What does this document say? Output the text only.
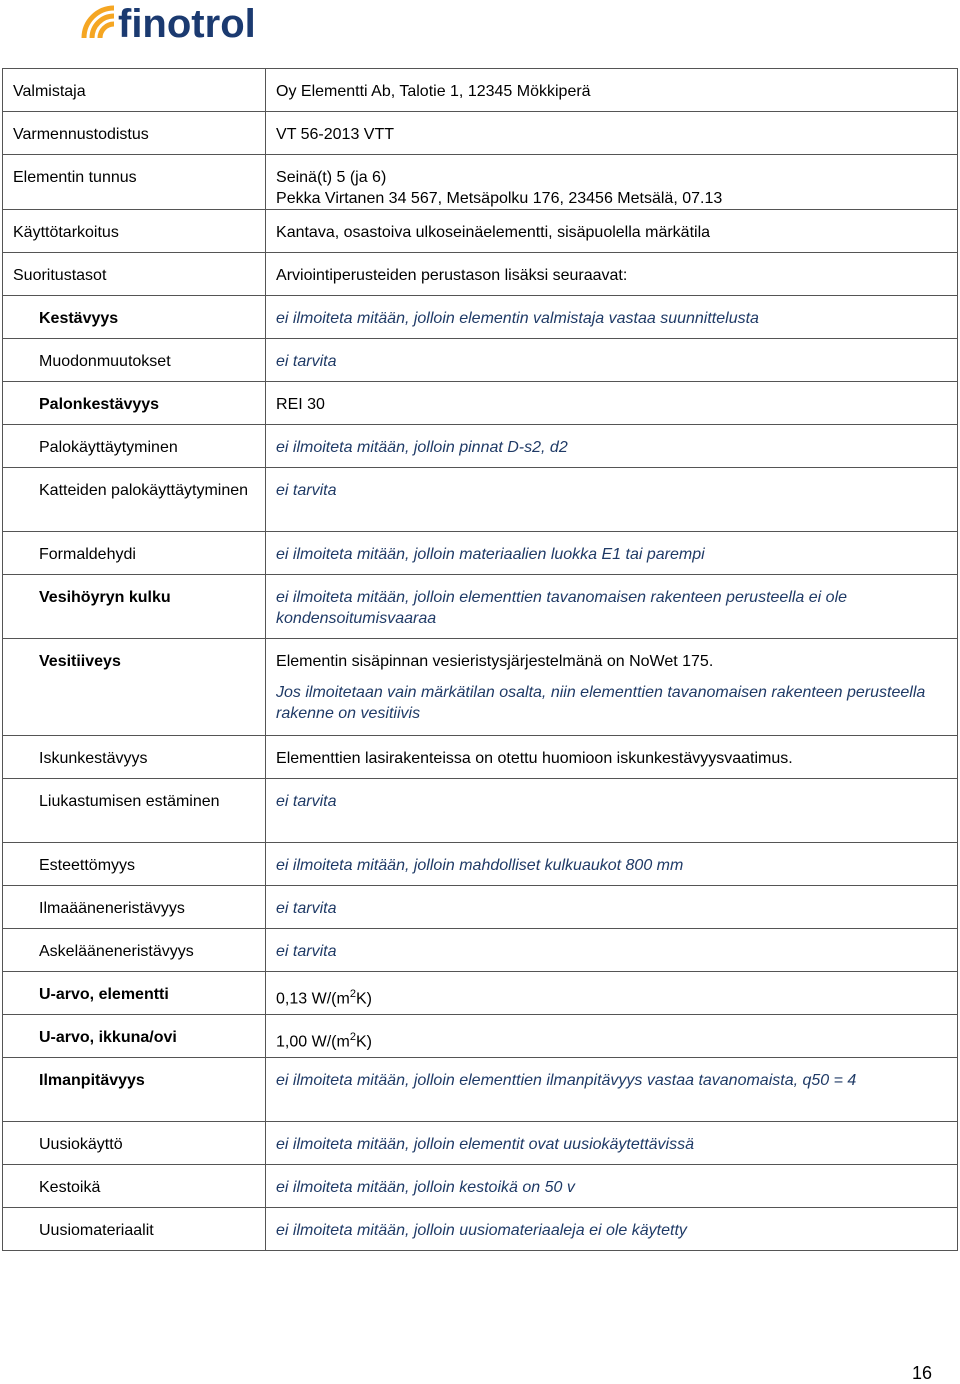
finotrol
Valmistaja	Oy Elementti Ab, Talotie 1, 12345 Mökkiperä
Varmennustodistus	VT 56-2013 VTT
Elementin tunnus	Seinä(t) 5 (ja 6)
Pekka Virtanen 34 567, Metsäpolku 176, 23456 Metsälä, 07.13

Käyttötarkoitus	Kantava, osastoiva ulkoseinäelementti, sisäpuolella märkätila
Suoritustasot	Arviointiperusteiden perustason lisäksi seuraavat:
Kestävyys	ei ilmoiteta mitään, jolloin elementin valmistaja vastaa suunnittelusta
Muodonmuutokset	ei tarvita
Palonkestävyys	REI 30
Palokäyttäytyminen	ei ilmoiteta mitään, jolloin pinnat D-s2, d2
Katteiden palokäyttäytyminen	ei tarvita
Formaldehydi	ei ilmoiteta mitään, jolloin materiaalien luokka E1 tai parempi
Vesihöyryn kulku	ei ilmoiteta mitään, jolloin elementtien tavanomaisen rakenteen perusteella ei ole kondensoitumisvaaraa
Vesitiiveys	Elementin sisäpinnan vesieristysjärjestelmänä on NoWet 175.
Jos ilmoitetaan vain märkätilan osalta, niin elementtien tavanomaisen rakenteen perusteella rakenne on vesitiivis

Iskunkestävyys	Elementtien lasirakenteissa on otettu huomioon iskunkestävyysvaatimus.
Liukastumisen estäminen	ei tarvita
Esteettömyys	ei ilmoiteta mitään, jolloin mahdolliset kulkuaukot 800 mm
Ilmaääneneristävyys	ei tarvita
Askelääneneristävyys	ei tarvita
U-arvo, elementti	0,13 $W/(m^2K)$
U-arvo, ikkuna/ovi	1,00 $W/(m^2K)$
Ilmanpitävyys	ei ilmoiteta mitään, jolloin elementtien ilmanpitävyys vastaa tavanomaista, q50 = 4
Uusiokäyttö	ei ilmoiteta mitään, jolloin elementit ovat uusiokäytettävissä
Kestoikä	ei ilmoiteta mitään, jolloin kestoikä on 50 v
Uusiomateriaalit	ei ilmoiteta mitään, jolloin uusiomateriaaleja ei ole käytetty
16
